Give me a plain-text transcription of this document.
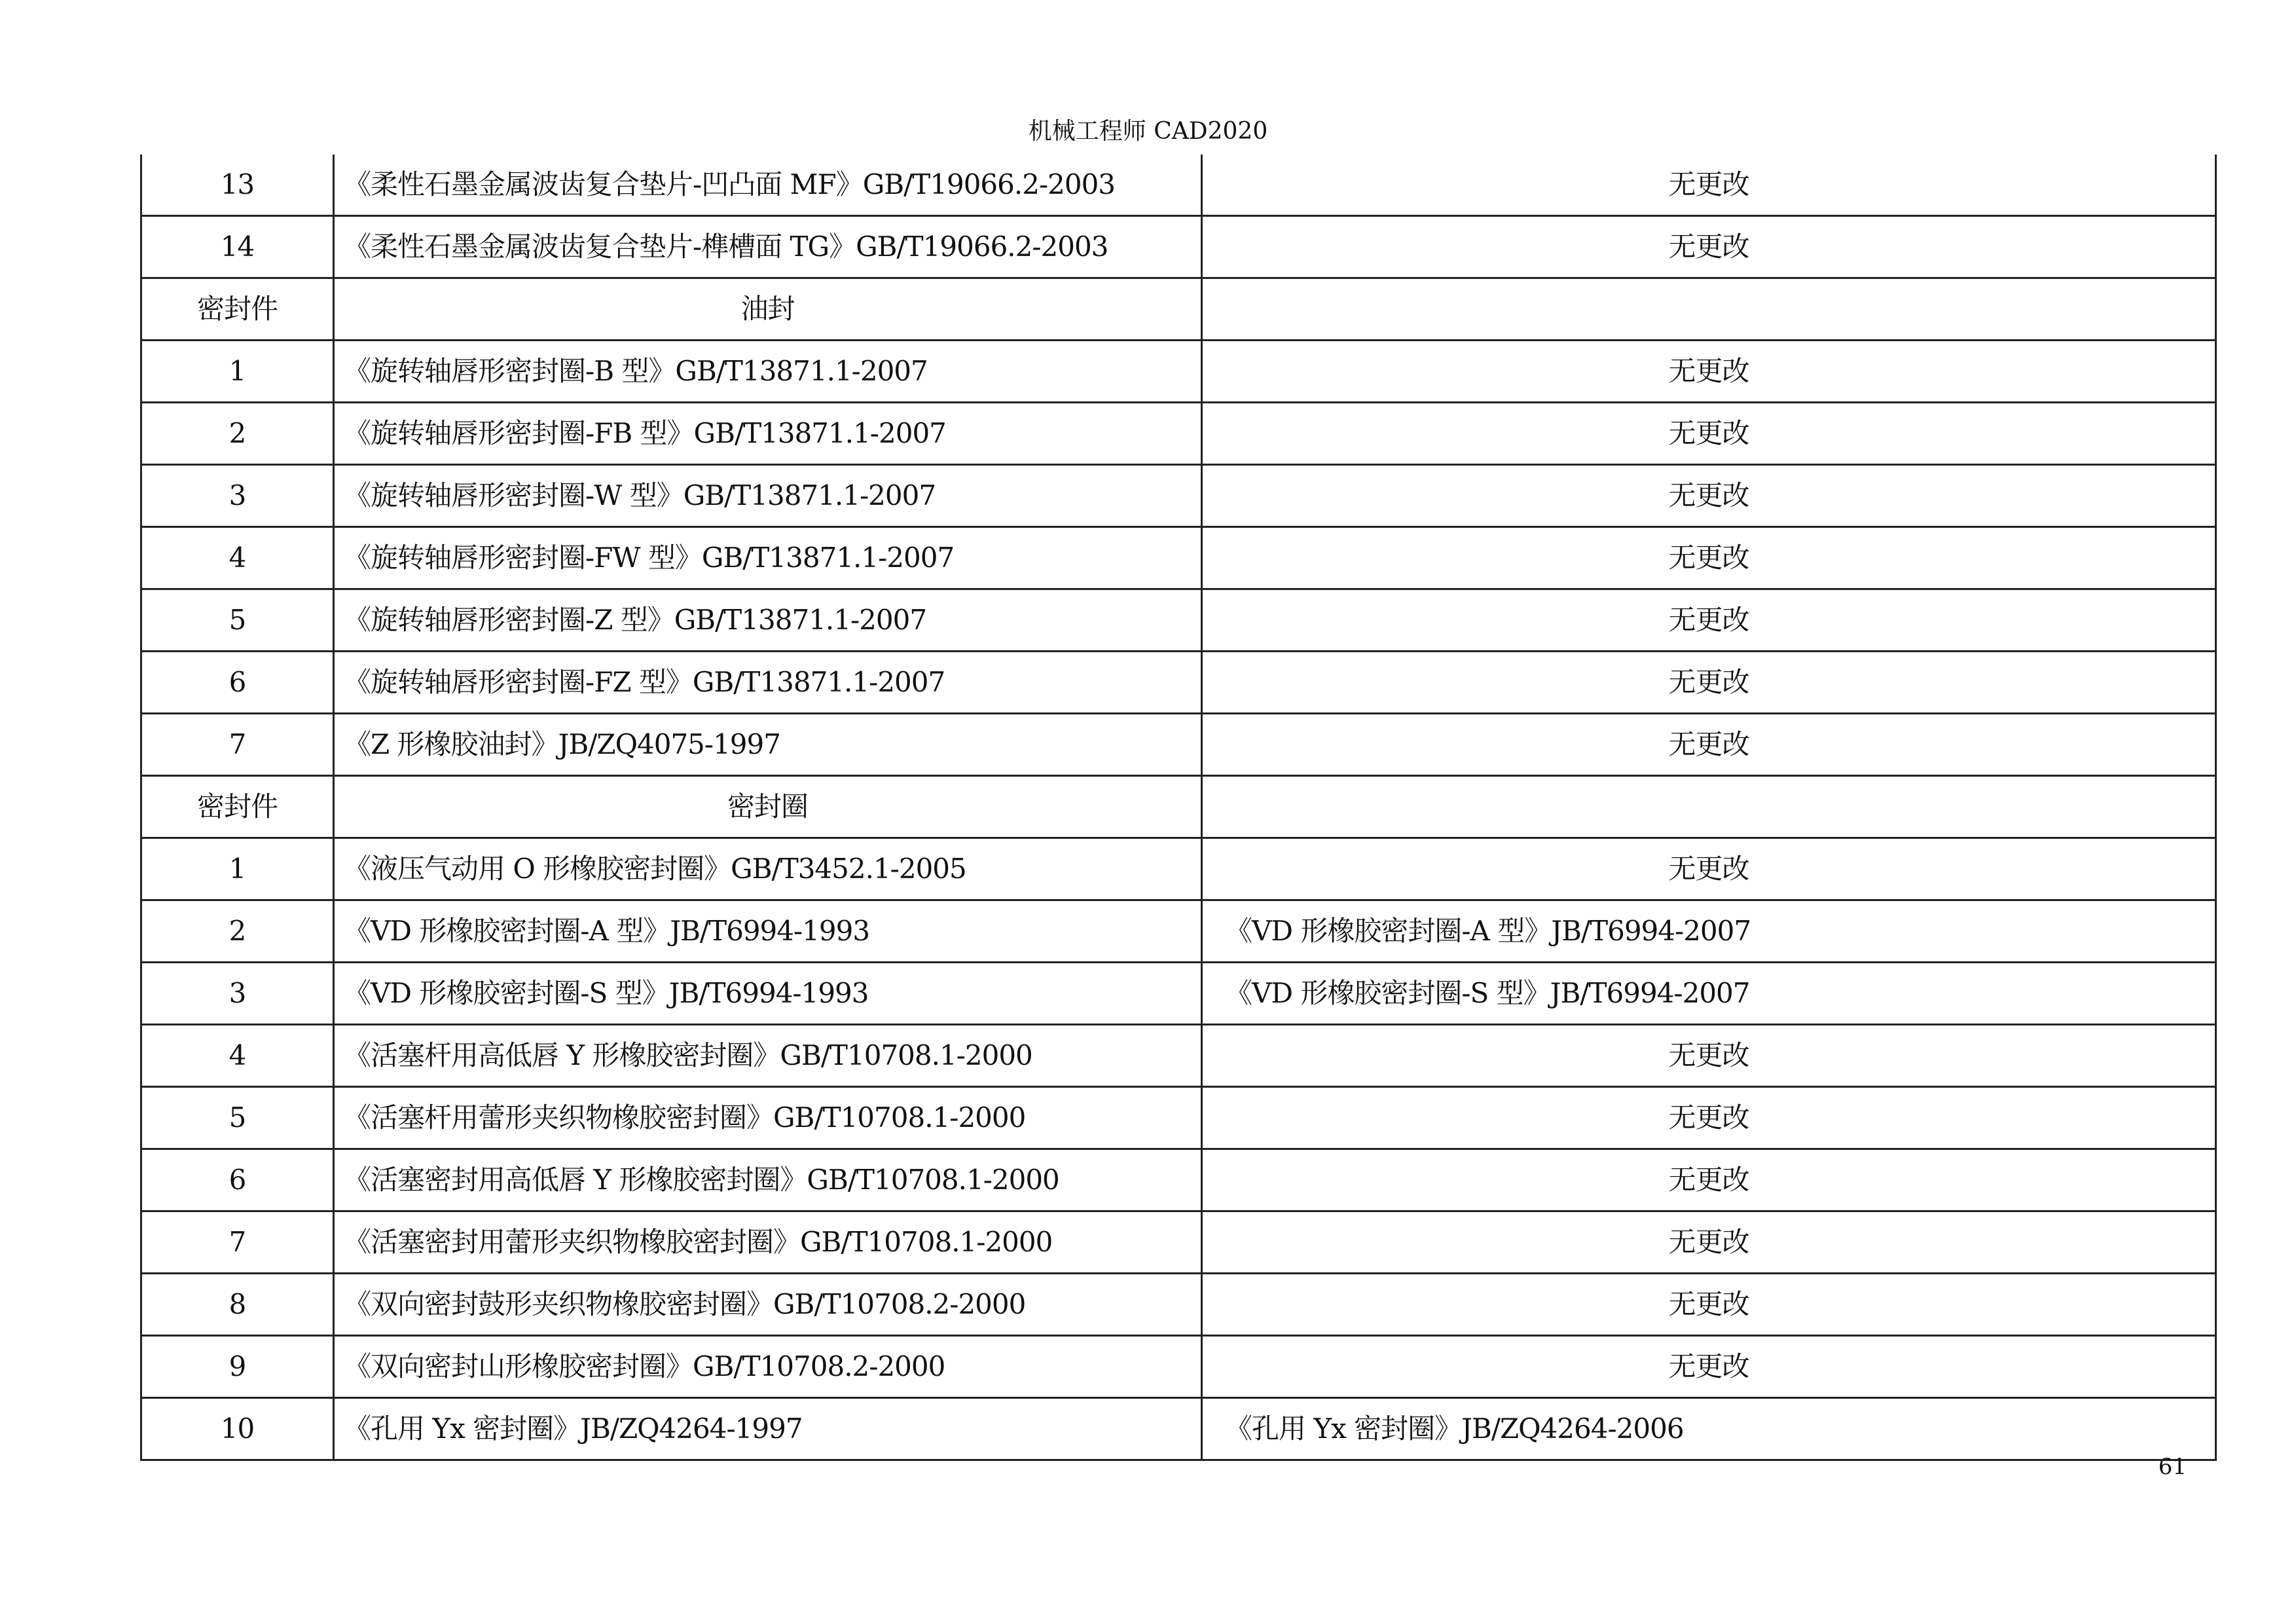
机械工程师 CAD2020
13	《柔性石墨金属波齿复合垫片-凹凸面 MF》GB/T19066.2-2003	无更改
14	《柔性石墨金属波齿复合垫片-榫槽面 TG》GB/T19066.2-2003	无更改
密封件	油封	
1	《旋转轴唇形密封圈-B 型》GB/T13871.1-2007	无更改
2	《旋转轴唇形密封圈-FB 型》GB/T13871.1-2007	无更改
3	《旋转轴唇形密封圈-W 型》GB/T13871.1-2007	无更改
4	《旋转轴唇形密封圈-FW 型》GB/T13871.1-2007	无更改
5	《旋转轴唇形密封圈-Z 型》GB/T13871.1-2007	无更改
6	《旋转轴唇形密封圈-FZ 型》GB/T13871.1-2007	无更改
7	《Z 形橡胶油封》JB/ZQ4075-1997	无更改
密封件	密封圈	
1	《液压气动用 O 形橡胶密封圈》GB/T3452.1-2005	无更改
2	《VD 形橡胶密封圈-A 型》JB/T6994-1993	《VD 形橡胶密封圈-A 型》JB/T6994-2007
3	《VD 形橡胶密封圈-S 型》JB/T6994-1993	《VD 形橡胶密封圈-S 型》JB/T6994-2007
4	《活塞杆用高低唇 Y 形橡胶密封圈》GB/T10708.1-2000	无更改
5	《活塞杆用蕾形夹织物橡胶密封圈》GB/T10708.1-2000	无更改
6	《活塞密封用高低唇 Y 形橡胶密封圈》GB/T10708.1-2000	无更改
7	《活塞密封用蕾形夹织物橡胶密封圈》GB/T10708.1-2000	无更改
8	《双向密封鼓形夹织物橡胶密封圈》GB/T10708.2-2000	无更改
9	《双向密封山形橡胶密封圈》GB/T10708.2-2000	无更改
10	《孔用 Yx 密封圈》JB/ZQ4264-1997	《孔用 Yx 密封圈》JB/ZQ4264-2006
61
